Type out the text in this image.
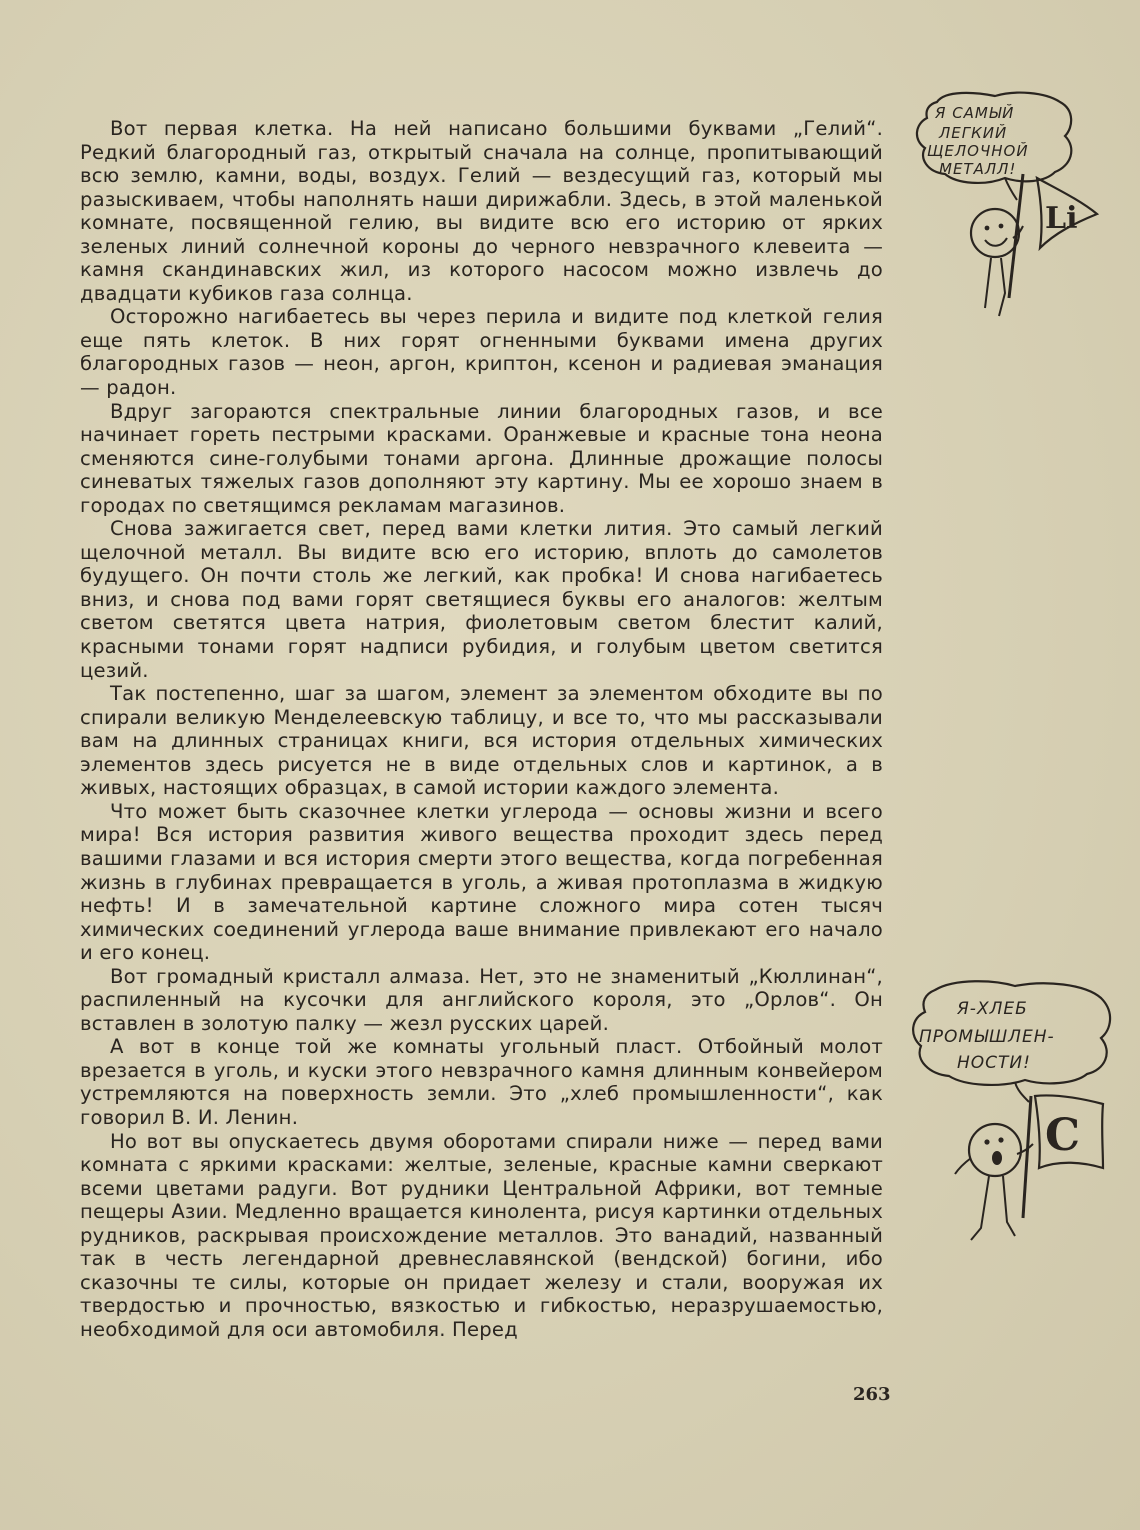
Вот первая клетка. На ней написано большими буквами „Гелий“. Редкий благородный газ, открытый сначала на солнце, пропитывающий всю землю, камни, воды, воздух. Гелий — вездесущий газ, который мы разыскиваем, чтобы наполнять наши дирижабли. Здесь, в этой маленькой комнате, посвященной гелию, вы видите всю его историю от ярких зеленых линий солнечной короны до черного невзрачного клевеита — камня скандинавских жил, из которого насосом можно извлечь до двадцати кубиков газа солнца.

Осторожно нагибаетесь вы через перила и видите под клеткой гелия еще пять клеток. В них горят огненными буквами имена других благородных газов — неон, аргон, криптон, ксенон и радиевая эманация — радон.

Вдруг загораются спектральные линии благородных газов, и все начинает гореть пестрыми красками. Оранжевые и красные тона неона сменяются сине-голубыми тонами аргона. Длинные дрожащие полосы синеватых тяжелых газов дополняют эту картину. Мы ее хорошо знаем в городах по светящимся рекламам магазинов.

Снова зажигается свет, перед вами клетки лития. Это самый легкий щелочной металл. Вы видите всю его историю, вплоть до самолетов будущего. Он почти столь же легкий, как пробка! И снова нагибаетесь вниз, и снова под вами горят светящиеся буквы его аналогов: желтым светом светятся цвета натрия, фиолетовым светом блестит калий, красными тонами горят надписи рубидия, и голубым цветом светится цезий.

Так постепенно, шаг за шагом, элемент за элементом обходите вы по спирали великую Менделеевскую таблицу, и все то, что мы рассказывали вам на длинных страницах книги, вся история отдельных химических элементов здесь рисуется не в виде отдельных слов и картинок, а в живых, настоящих образцах, в самой истории каждого элемента.

Что может быть сказочнее клетки углерода — основы жизни и всего мира! Вся история развития живого вещества проходит здесь перед вашими глазами и вся история смерти этого вещества, когда погребенная жизнь в глубинах превращается в уголь, а живая протоплазма в жидкую нефть! И в замечательной картине сложного мира сотен тысяч химических соединений углерода ваше внимание привлекают его начало и его конец.

Вот громадный кристалл алмаза. Нет, это не знаменитый „Кюллинан“, распиленный на кусочки для английского короля, это „Орлов“. Он вставлен в золотую палку — жезл русских царей.

А вот в конце той же комнаты угольный пласт. Отбойный молот врезается в уголь, и куски этого невзрачного камня длинным конвейером устремляются на поверхность земли. Это „хлеб промышленности“, как говорил В. И. Ленин.

Но вот вы опускаетесь двумя оборотами спирали ниже — перед вами комната с яркими красками: желтые, зеленые, красные камни сверкают всеми цветами радуги. Вот рудники Центральной Африки, вот темные пещеры Азии. Медленно вращается кинолента, рисуя картинки отдельных рудников, раскрывая происхождение металлов. Это ванадий, названный так в честь легендарной древнеславянской (вендской) богини, ибо сказочны те силы, которые он придает железу и стали, вооружая их твердостью и прочностью, вязкостью и гибкостью, неразрушаемостью, необходимой для оси автомобиля. Перед

Я САМЫЙ
ЛЕГКИЙ
ЩЕЛОЧНОЙ
МЕТАЛЛ!
Li
Я-ХЛЕБ
ПРОМЫШЛЕН-
НОСТИ!
C
263
